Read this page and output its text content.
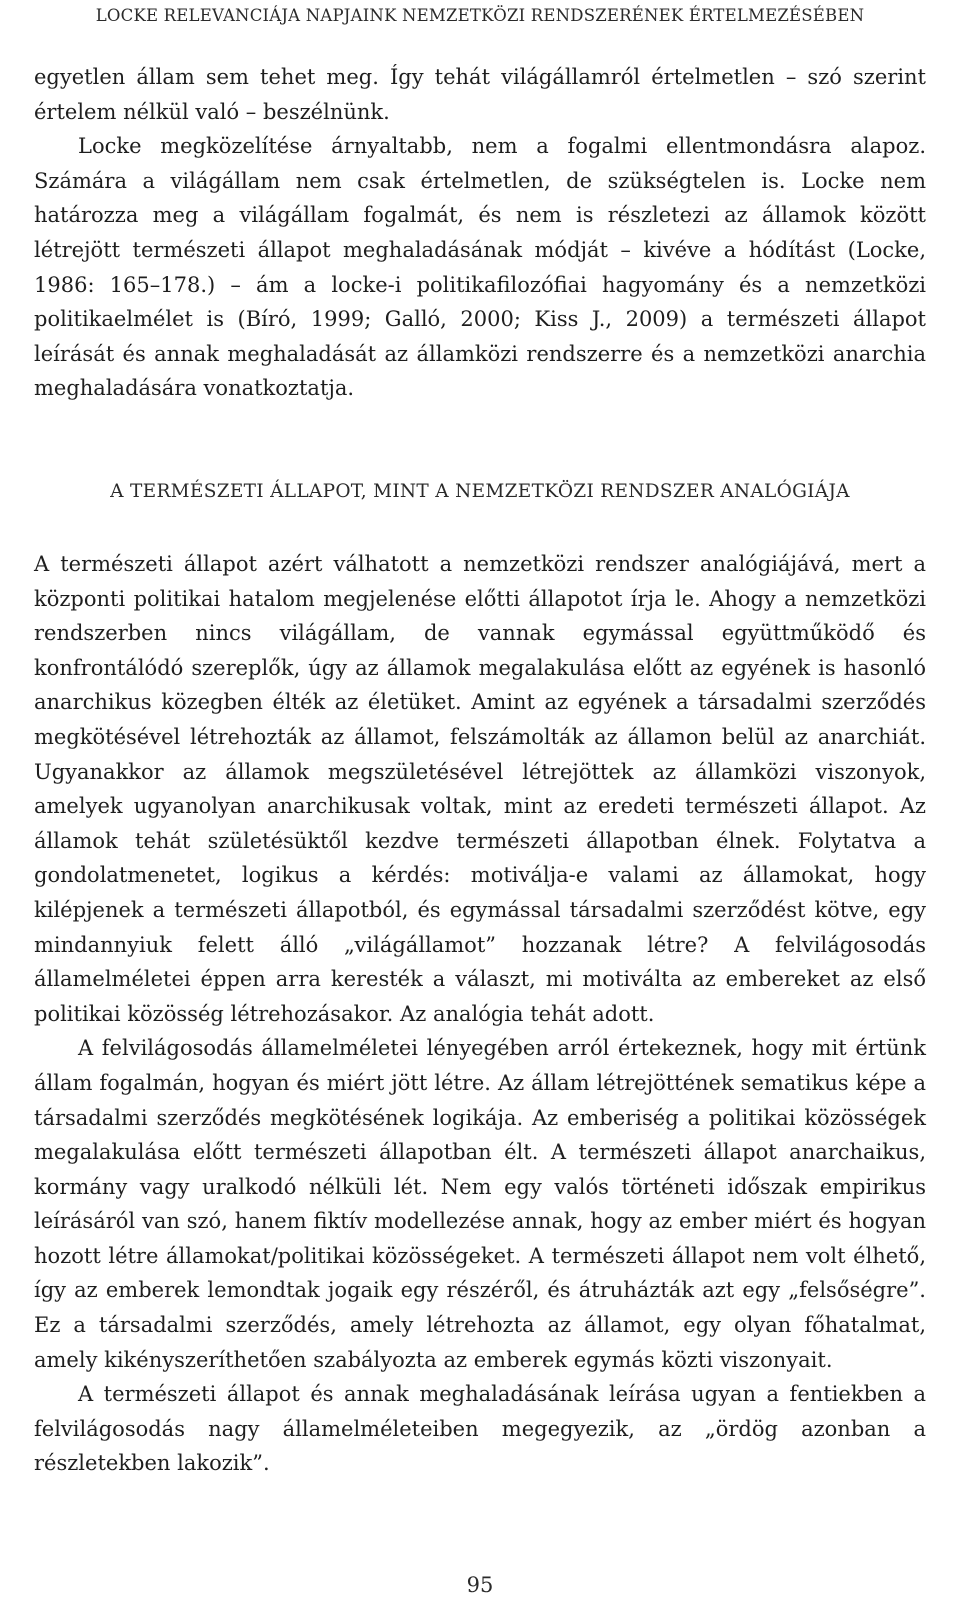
LOCKE RELEVANCIÁJA NAPJAINK NEMZETKÖZI RENDSZERÉNEK ÉRTELMEZÉSÉBEN

egyetlen állam sem tehet meg. Így tehát világállamról értelmetlen – szó szerint értelem nélkül való – beszélnünk.

Locke megközelítése árnyaltabb, nem a fogalmi ellentmondásra alapoz. Számára a világállam nem csak értelmetlen, de szükségtelen is. Locke nem határozza meg a világállam fogalmát, és nem is részletezi az államok között létrejött természeti állapot meghaladásának módját – kivéve a hódítást (Locke, 1986: 165–178.) – ám a locke-i politikafilozófiai hagyomány és a nemzetközi politikaelmélet is (Bíró, 1999; Galló, 2000; Kiss J., 2009) a természeti állapot leírását és annak meghaladását az államközi rendszerre és a nemzetközi anarchia meghaladására vonatkoztatja.

A TERMÉSZETI ÁLLAPOT, MINT A NEMZETKÖZI RENDSZER ANALÓGIÁJA

A természeti állapot azért válhatott a nemzetközi rendszer analógiájává, mert a központi politikai hatalom megjelenése előtti állapotot írja le. Ahogy a nemzetközi rendszerben nincs világállam, de vannak egymással együttműködő és konfrontálódó szereplők, úgy az államok megalakulása előtt az egyének is hasonló anarchikus közegben élték az életüket. Amint az egyének a társadalmi szerződés megkötésével létrehozták az államot, felszámolták az államon belül az anarchiát. Ugyanakkor az államok megszületésével létrejöttek az államközi viszonyok, amelyek ugyanolyan anarchikusak voltak, mint az eredeti természeti állapot. Az államok tehát születésüktől kezdve természeti állapotban élnek. Folytatva a gondolatmenetet, logikus a kérdés: motiválja-e valami az államokat, hogy kilépjenek a természeti állapotból, és egymással társadalmi szerződést kötve, egy mindannyiuk felett álló „világállamot” hozzanak létre? A felvilágosodás államelméletei éppen arra keresték a választ, mi motiválta az embereket az első politikai közösség létrehozásakor. Az analógia tehát adott.

A felvilágosodás államelméletei lényegében arról értekeznek, hogy mit értünk állam fogalmán, hogyan és miért jött létre. Az állam létrejöttének sematikus képe a társadalmi szerződés megkötésének logikája. Az emberiség a politikai közösségek megalakulása előtt természeti állapotban élt. A természeti állapot anarchaikus, kormány vagy uralkodó nélküli lét. Nem egy valós történeti időszak empirikus leírásáról van szó, hanem fiktív modellezése annak, hogy az ember miért és hogyan hozott létre államokat/politikai közösségeket. A természeti állapot nem volt élhető, így az emberek lemondtak jogaik egy részéről, és átruházták azt egy „felsőségre”. Ez a társadalmi szerződés, amely létrehozta az államot, egy olyan főhatalmat, amely kikényszeríthetően szabályozta az emberek egymás közti viszonyait.

A természeti állapot és annak meghaladásának leírása ugyan a fentiekben a felvilágosodás nagy államelméleteiben megegyezik, az „ördög azonban a részletekben lakozik”.

95
